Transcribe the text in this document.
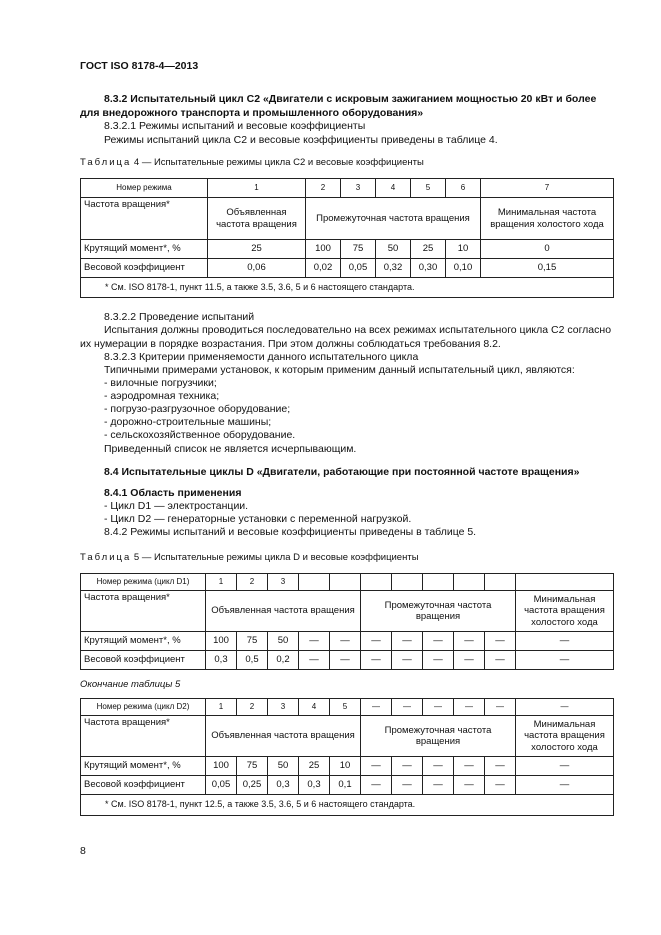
ГОСТ ISO 8178-4—2013
8.3.2 Испытательный цикл С2 «Двигатели с искровым зажиганием мощностью 20 кВт и более для внедорожного транспорта и промышленного оборудования»
8.3.2.1 Режимы испытаний и весовые коэффициенты
Режимы испытаний цикла С2 и весовые коэффициенты приведены в таблице 4.
Таблица 4 — Испытательные режимы цикла С2 и весовые коэффициенты
Номер режима	1	2	3	4	5	6	7
Частота вращения*	Объявленная частота вращения	Промежуточная частота вращения					Минимальная частота вращения холостого хода
Крутящий момент*, %	25	100	75	50	25	10	0
Весовой коэффициент	0,06	0,02	0,05	0,32	0,30	0,10	0,15
* См. ISO 8178-1, пункт 11.5, а также 3.5, 3.6, 5 и 6 настоящего стандарта.							
8.3.2.2 Проведение испытаний
Испытания должны проводиться последовательно на всех режимах испытательного цикла С2 согласно их нумерации в порядке возрастания. При этом должны соблюдаться требования 8.2.
8.3.2.3 Критерии применяемости данного испытательного цикла
Типичными примерами установок, к которым применим данный испытательный цикл, являются:
- вилочные погрузчики;
- аэродромная техника;
- погрузо-разгрузочное оборудование;
- дорожно-строительные машины;
- сельскохозяйственное оборудование.
Приведенный список не является исчерпывающим.
8.4 Испытательные циклы D «Двигатели, работающие при постоянной частоте вращения»
8.4.1 Область применения
- Цикл D1 — электростанции.
- Цикл D2 — генераторные установки с переменной нагрузкой.
8.4.2 Режимы испытаний и весовые коэффициенты приведены в таблице 5.
Таблица 5 — Испытательные режимы цикла D и весовые коэффициенты
Номер режима (цикл D1)	1	2	3								
Частота вращения*	Объявленная частота вращения					Промежуточная частота вращения					Минимальная частота вращения холостого хода
Крутящий момент*, %	100	75	50	—	—	—	—	—	—	—	—
Весовой коэффициент	0,3	0,5	0,2	—	—	—	—	—	—	—	—
Окончание таблицы 5
Номер режима (цикл D2)	1	2	3	4	5	—	—	—	—	—	—
Частота вращения*	Объявленная частота вращения					Промежуточная частота вращения					Минимальная частота вращения холостого хода
Крутящий момент*, %	100	75	50	25	10	—	—	—	—	—	—
Весовой коэффициент	0,05	0,25	0,3	0,3	0,1	—	—	—	—	—	—
* См. ISO 8178-1, пункт 12.5, а также 3.5, 3.6, 5 и 6 настоящего стандарта.											
8
